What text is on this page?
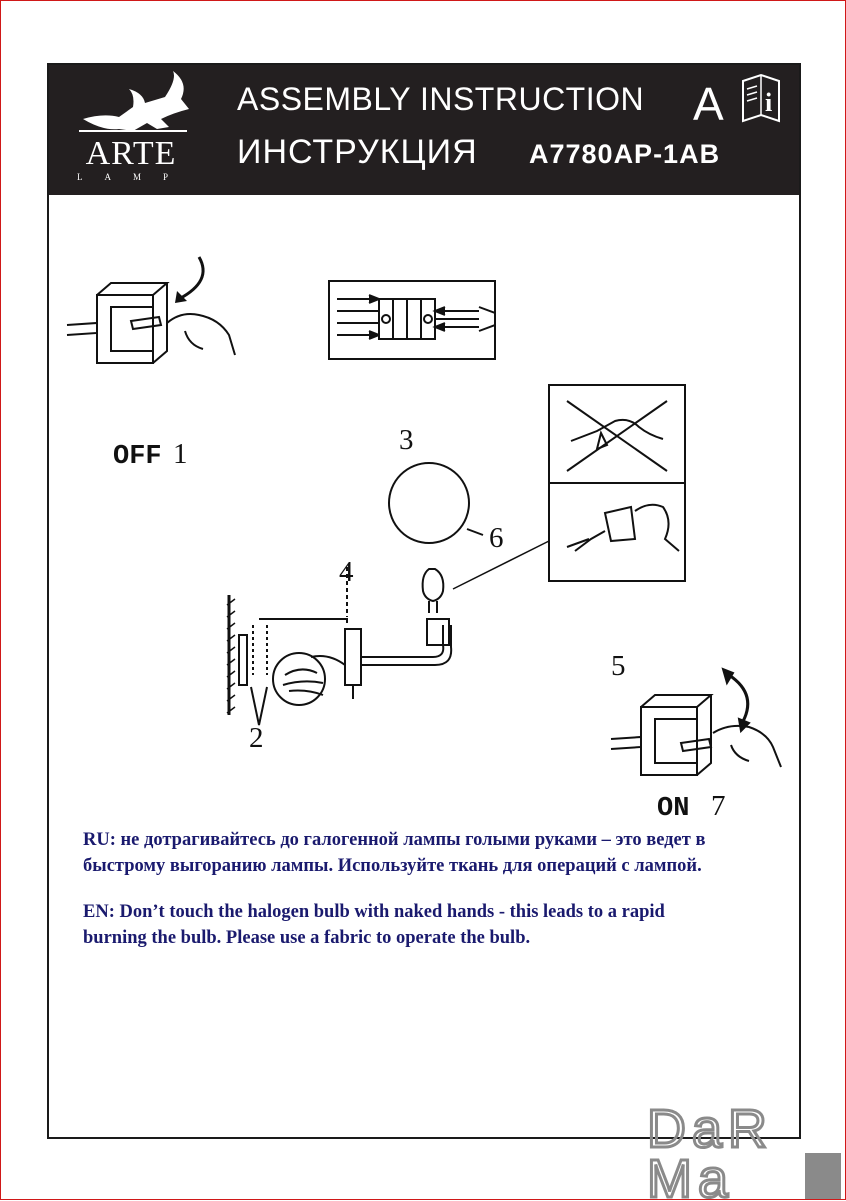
ARTE
LAMP
ASSEMBLY INSTRUCTION
ИНСТРУКЦИЯ A7780AP-1AB
A i
OFF 1	3
6
4
2
5
ON 7
RU: не дотрагивайтесь до галогенной лампы голыми руками – это ведет в
быстрому выгоранию лампы. Используйте ткань для операций с лампой.
EN: Don’t touch the halogen bulb with naked hands - this leads to a rapid
burning the bulb. Please use a fabric to operate the bulb.
DaR
Ma
